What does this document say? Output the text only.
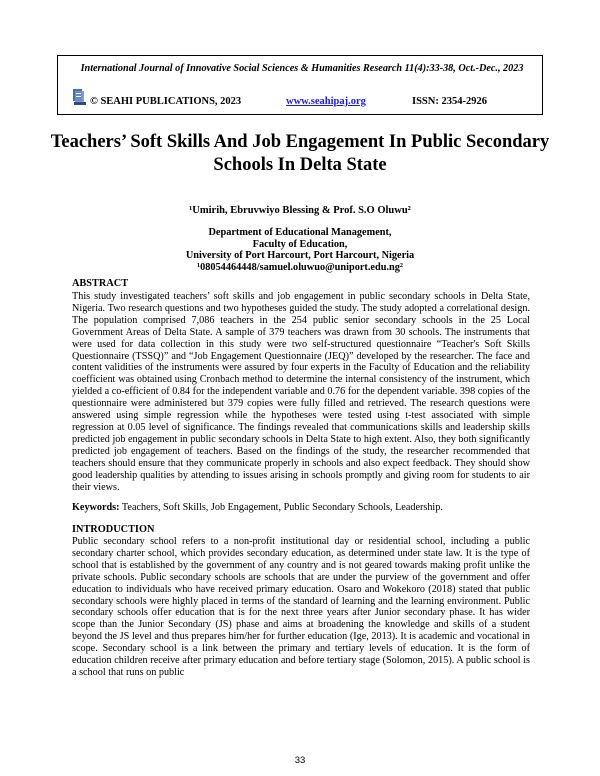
International Journal of Innovative Social Sciences & Humanities Research 11(4):33-38, Oct.-Dec., 2023
© SEAHI PUBLICATIONS, 2023	www.seahipaj.org	ISSN: 2354-2926
Teachers’ Soft Skills And Job Engagement In Public Secondary Schools In Delta State
¹Umirih, Ebruvwiyo Blessing & Prof. S.O Oluwu²
Department of Educational Management,
Faculty of Education,
University of Port Harcourt, Port Harcourt, Nigeria
¹08054464448/samuel.oluwuo@uniport.edu.ng²
ABSTRACT
This study investigated teachers’ soft skills and job engagement in public secondary schools in Delta State, Nigeria. Two research questions and two hypotheses guided the study. The study adopted a correlational design. The population comprised 7,086 teachers in the 254 public senior secondary schools in the 25 Local Government Areas of Delta State. A sample of 379 teachers was drawn from 30 schools. The instruments that were used for data collection in this study were two self-structured questionnaire “Teacher's Soft Skills Questionnaire (TSSQ)” and “Job Engagement Questionnaire (JEQ)” developed by the researcher. The face and content validities of the instruments were assured by four experts in the Faculty of Education and the reliability coefficient was obtained using Cronbach method to determine the internal consistency of the instrument, which yielded a co-efficient of 0.84 for the independent variable and 0.76 for the dependent variable. 398 copies of the questionnaire were administered but 379 copies were fully filled and retrieved. The research questions were answered using simple regression while the hypotheses were tested using t-test associated with simple regression at 0.05 level of significance. The findings revealed that communications skills and leadership skills predicted job engagement in public secondary schools in Delta State to high extent. Also, they both significantly predicted job engagement of teachers. Based on the findings of the study, the researcher recommended that teachers should ensure that they communicate properly in schools and also expect feedback. They should show good leadership qualities by attending to issues arising in schools promptly and giving room for students to air their views.
Keywords: Teachers, Soft Skills, Job Engagement, Public Secondary Schools, Leadership.
INTRODUCTION
Public secondary school refers to a non-profit institutional day or residential school, including a public secondary charter school, which provides secondary education, as determined under state law. It is the type of school that is established by the government of any country and is not geared towards making profit unlike the private schools. Public secondary schools are schools that are under the purview of the government and offer education to individuals who have received primary education. Osaro and Wokekoro (2018) stated that public secondary schools were highly placed in terms of the standard of learning and the learning environment. Public secondary schools offer education that is for the next three years after Junior secondary phase. It has wider scope than the Junior Secondary (JS) phase and aims at broadening the knowledge and skills of a student beyond the JS level and thus prepares him/her for further education (Ige, 2013). It is academic and vocational in scope. Secondary school is a link between the primary and tertiary levels of education. It is the form of education children receive after primary education and before tertiary stage (Solomon, 2015). A public school is a school that runs on public
33
